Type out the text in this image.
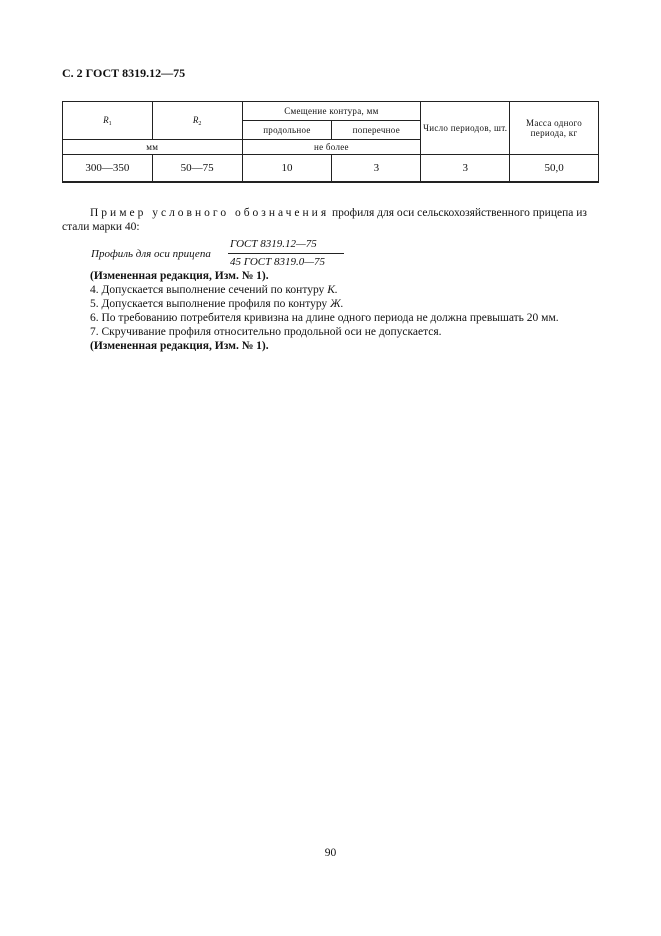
С. 2 ГОСТ 8319.12—75
$R_1$	$R_2$	Смещение контура, мм		Число периодов, шт.	Масса одного периода, кг
		продольное	поперечное		
мм		не более			
300—350	50—75	10	3	3	50,0
Пример условного обозначения профиля для оси сельскохозяйственного прицепа из стали марки 40:
Профиль для оси прицепа
ГОСТ 8319.12—75
45 ГОСТ 8319.0—75
(Измененная редакция, Изм. № 1).
4. Допускается выполнение сечений по контуру К.
5. Допускается выполнение профиля по контуру Ж.
6. По требованию потребителя кривизна на длине одного периода не должна превышать 20 мм.
7. Скручивание профиля относительно продольной оси не допускается.
(Измененная редакция, Изм. № 1).
90
